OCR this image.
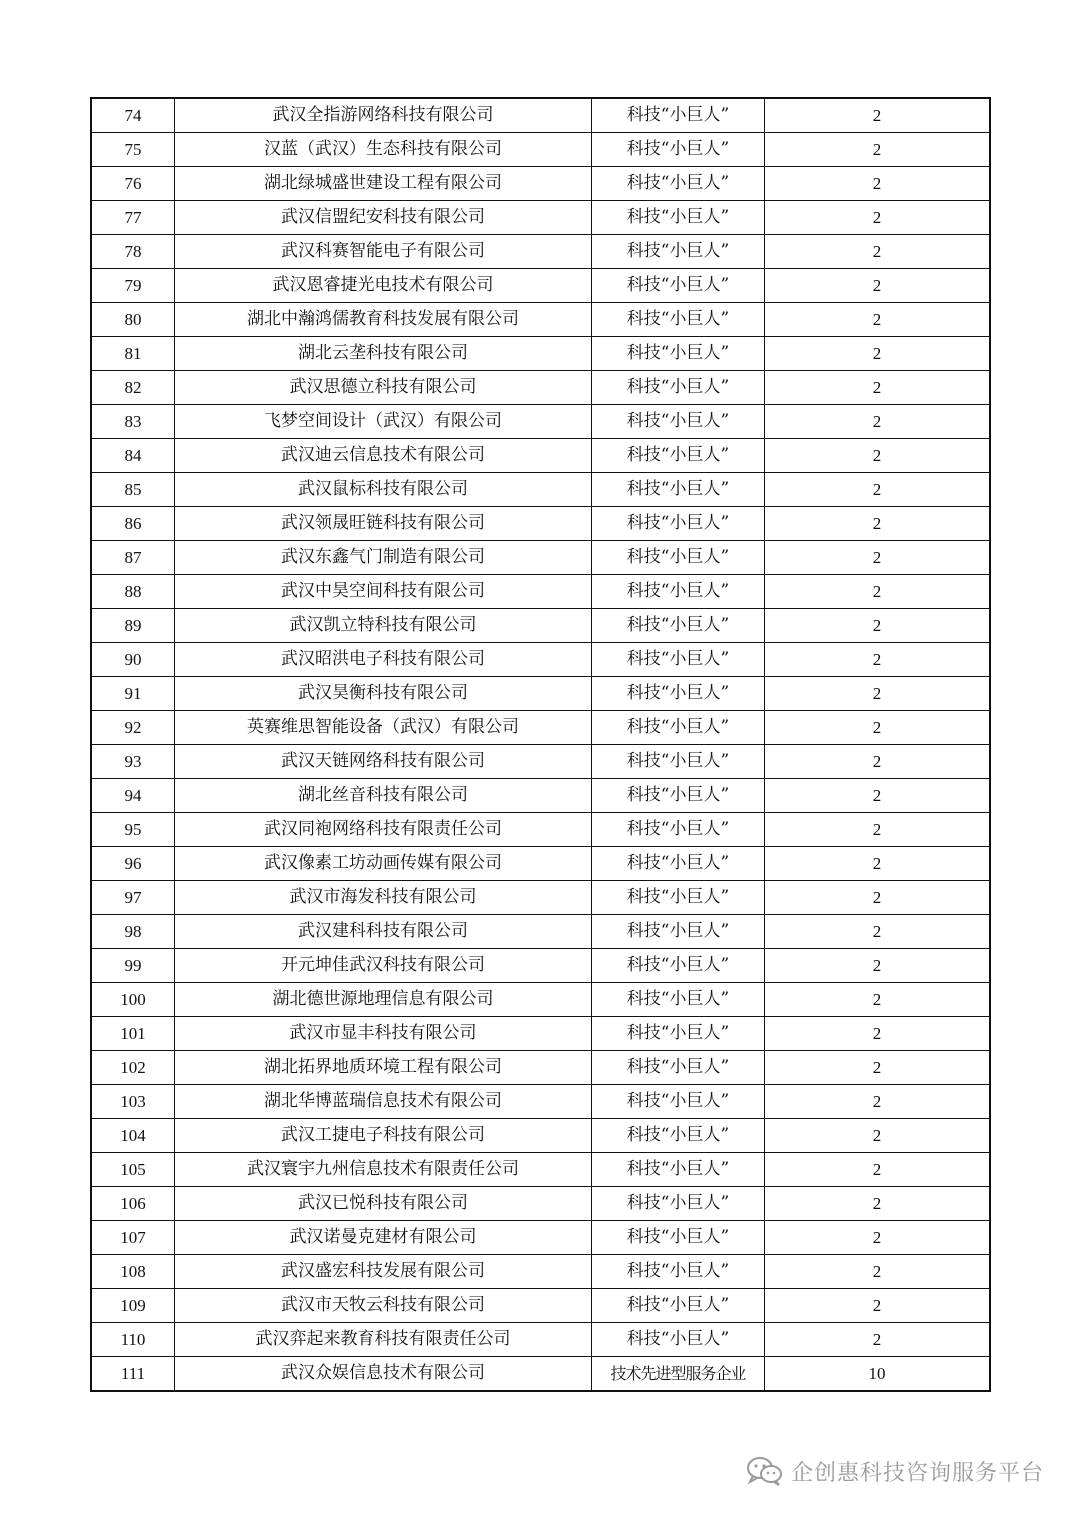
74	武汉全指游网络科技有限公司	科技“小巨人”	2
75	汉蓝（武汉）生态科技有限公司	科技“小巨人”	2
76	湖北绿城盛世建设工程有限公司	科技“小巨人”	2
77	武汉信盟纪安科技有限公司	科技“小巨人”	2
78	武汉科赛智能电子有限公司	科技“小巨人”	2
79	武汉恩睿捷光电技术有限公司	科技“小巨人”	2
80	湖北中瀚鸿儒教育科技发展有限公司	科技“小巨人”	2
81	湖北云垄科技有限公司	科技“小巨人”	2
82	武汉思德立科技有限公司	科技“小巨人”	2
83	飞梦空间设计（武汉）有限公司	科技“小巨人”	2
84	武汉迪云信息技术有限公司	科技“小巨人”	2
85	武汉鼠标科技有限公司	科技“小巨人”	2
86	武汉领晟旺链科技有限公司	科技“小巨人”	2
87	武汉东鑫气门制造有限公司	科技“小巨人”	2
88	武汉中昊空间科技有限公司	科技“小巨人”	2
89	武汉凯立特科技有限公司	科技“小巨人”	2
90	武汉昭洪电子科技有限公司	科技“小巨人”	2
91	武汉昊衡科技有限公司	科技“小巨人”	2
92	英赛维思智能设备（武汉）有限公司	科技“小巨人”	2
93	武汉天链网络科技有限公司	科技“小巨人”	2
94	湖北丝音科技有限公司	科技“小巨人”	2
95	武汉同袍网络科技有限责任公司	科技“小巨人”	2
96	武汉像素工坊动画传媒有限公司	科技“小巨人”	2
97	武汉市海发科技有限公司	科技“小巨人”	2
98	武汉建科科技有限公司	科技“小巨人”	2
99	开元坤佳武汉科技有限公司	科技“小巨人”	2
100	湖北德世源地理信息有限公司	科技“小巨人”	2
101	武汉市显丰科技有限公司	科技“小巨人”	2
102	湖北拓界地质环境工程有限公司	科技“小巨人”	2
103	湖北华博蓝瑞信息技术有限公司	科技“小巨人”	2
104	武汉工捷电子科技有限公司	科技“小巨人”	2
105	武汉寰宇九州信息技术有限责任公司	科技“小巨人”	2
106	武汉已悦科技有限公司	科技“小巨人”	2
107	武汉诺曼克建材有限公司	科技“小巨人”	2
108	武汉盛宏科技发展有限公司	科技“小巨人”	2
109	武汉市天牧云科技有限公司	科技“小巨人”	2
110	武汉弈起来教育科技有限责任公司	科技“小巨人”	2
111	武汉众娱信息技术有限公司	技术先进型服务企业	10
企创惠科技咨询服务平台
